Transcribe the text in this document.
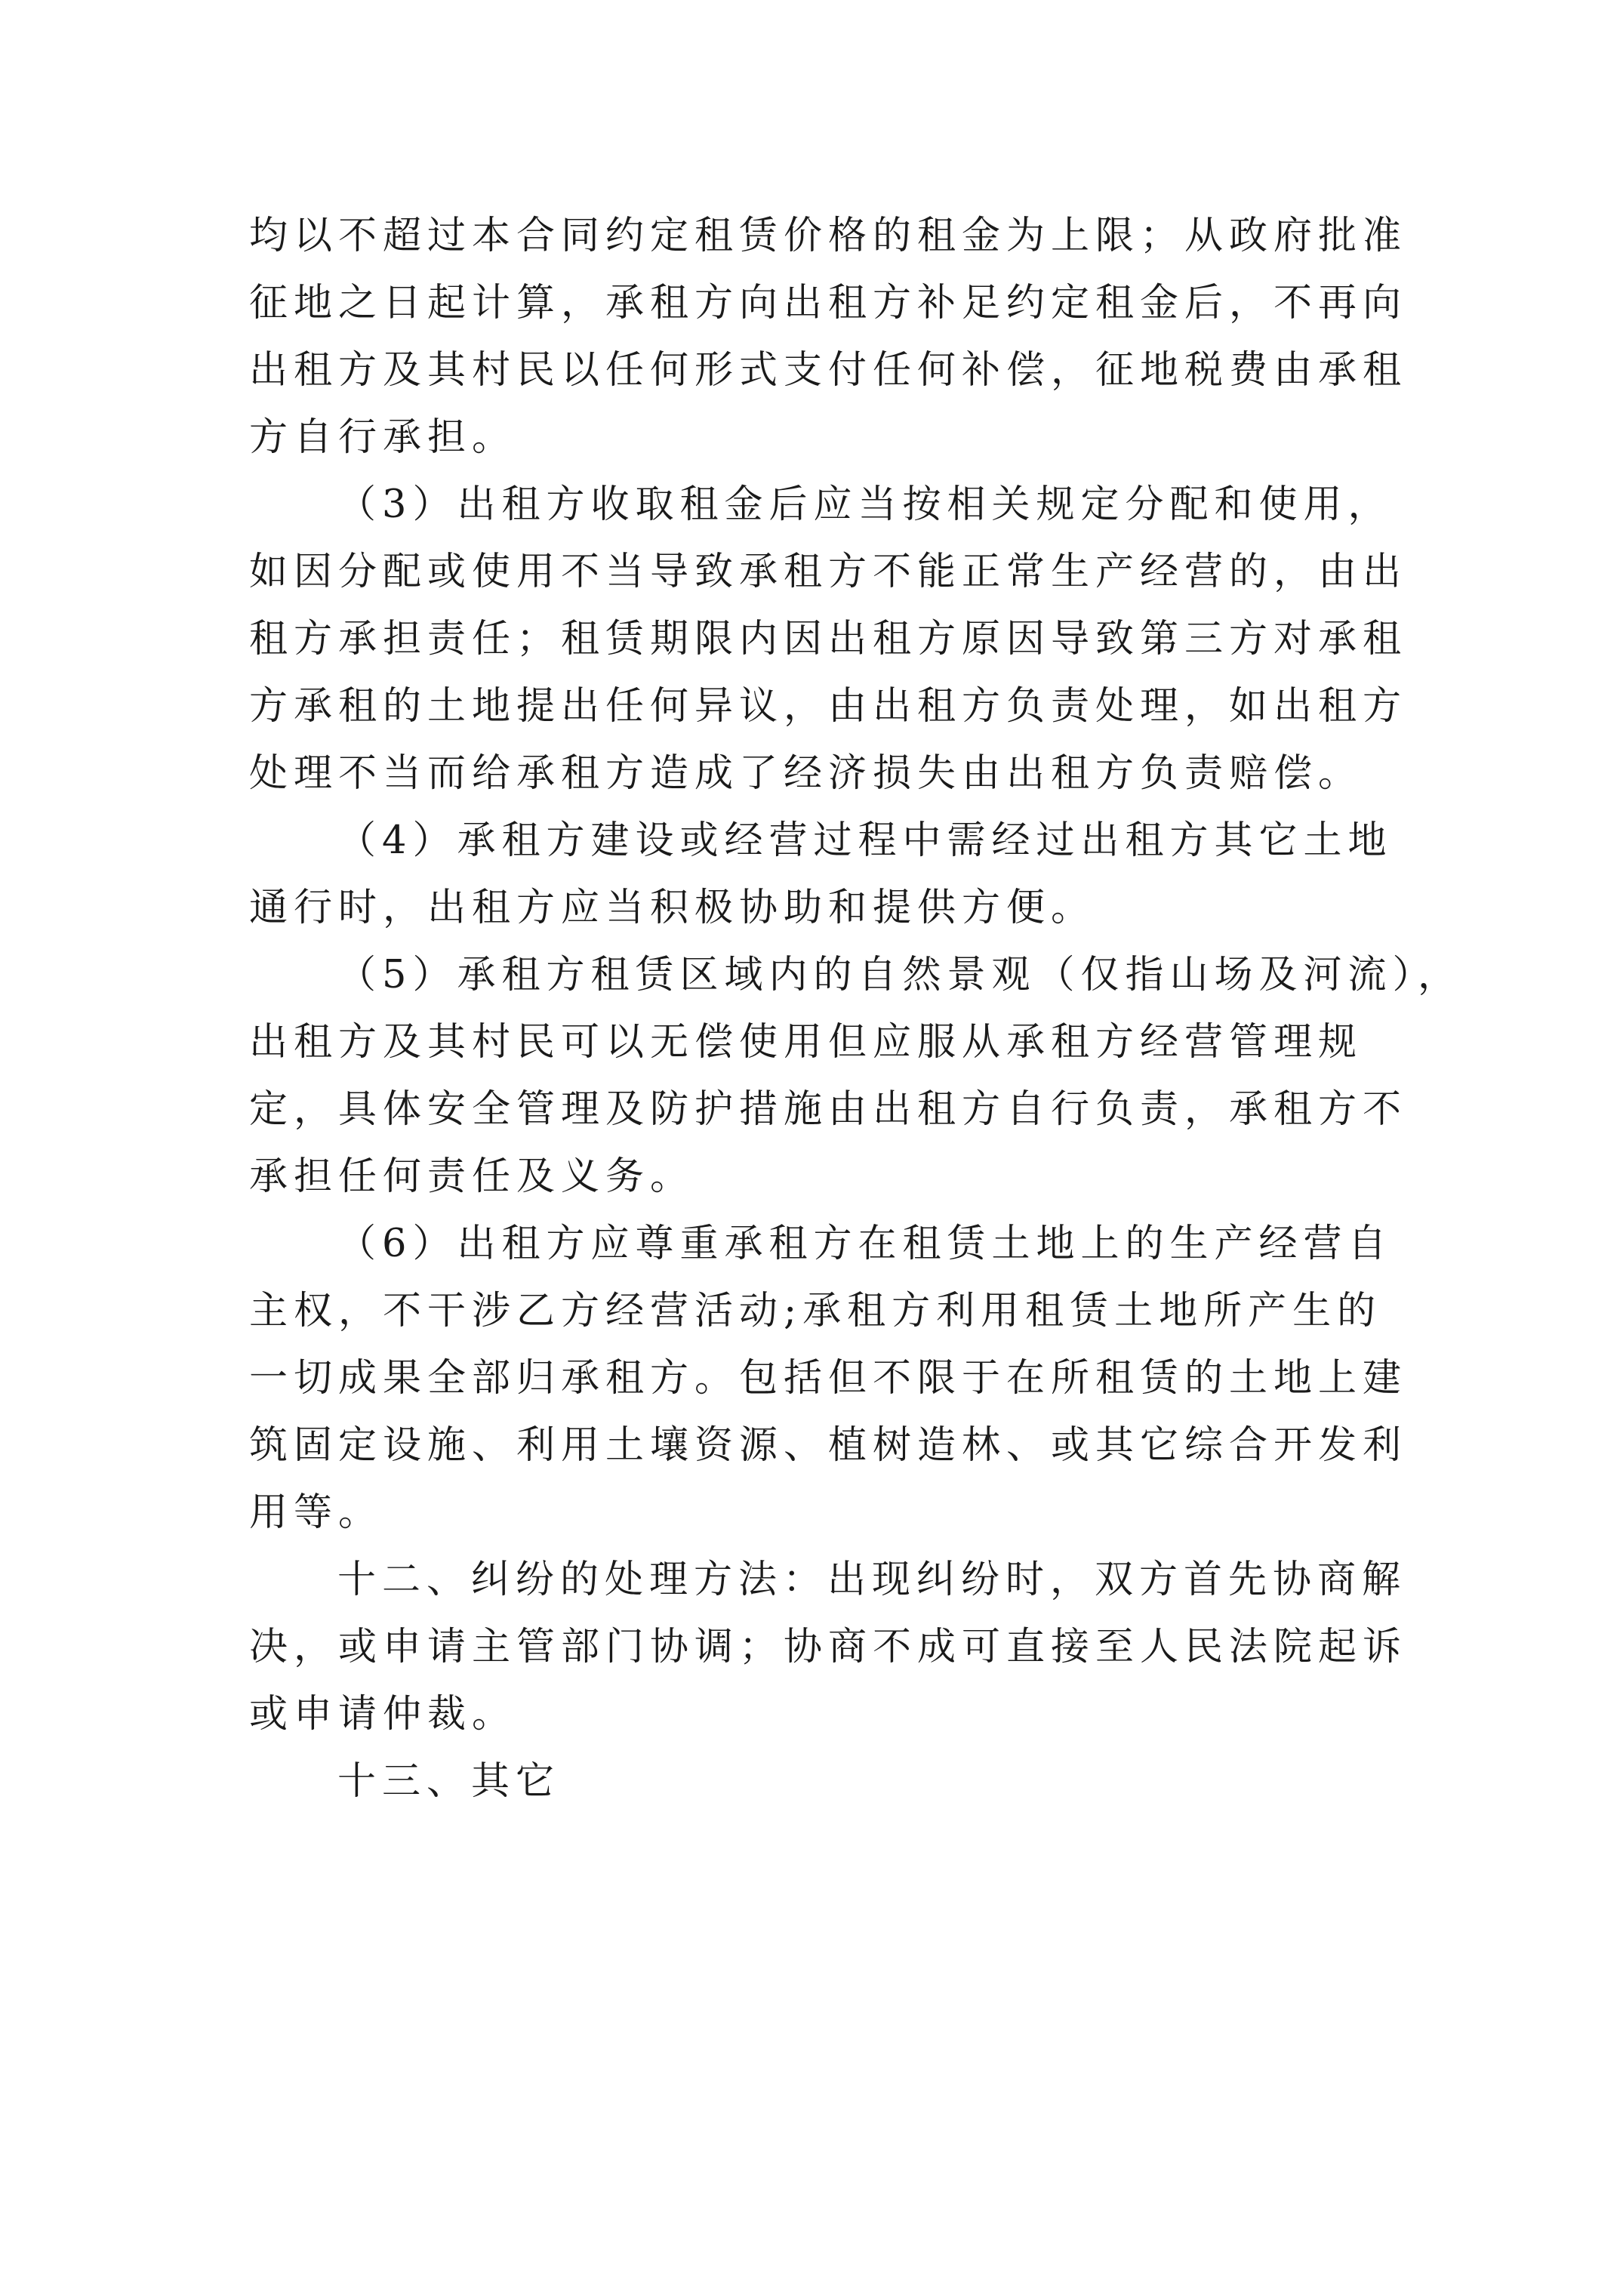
均以不超过本合同约定租赁价格的租金为上限；从政府批准
征地之日起计算，承租方向出租方补足约定租金后，不再向
出租方及其村民以任何形式支付任何补偿，征地税费由承租
方自行承担。
（3）出租方收取租金后应当按相关规定分配和使用，
如因分配或使用不当导致承租方不能正常生产经营的，由出
租方承担责任；租赁期限内因出租方原因导致第三方对承租
方承租的土地提出任何异议，由出租方负责处理，如出租方
处理不当而给承租方造成了经济损失由出租方负责赔偿。
（4）承租方建设或经营过程中需经过出租方其它土地
通行时，出租方应当积极协助和提供方便。
（5）承租方租赁区域内的自然景观（仅指山场及河流），
出租方及其村民可以无偿使用但应服从承租方经营管理规
定，具体安全管理及防护措施由出租方自行负责，承租方不
承担任何责任及义务。
（6）出租方应尊重承租方在租赁土地上的生产经营自
主权，不干涉乙方经营活动;承租方利用租赁土地所产生的
一切成果全部归承租方。包括但不限于在所租赁的土地上建
筑固定设施、利用土壤资源、植树造林、或其它综合开发利
用等。
十二、纠纷的处理方法：出现纠纷时，双方首先协商解
决，或申请主管部门协调；协商不成可直接至人民法院起诉
或申请仲裁。
十三、其它
